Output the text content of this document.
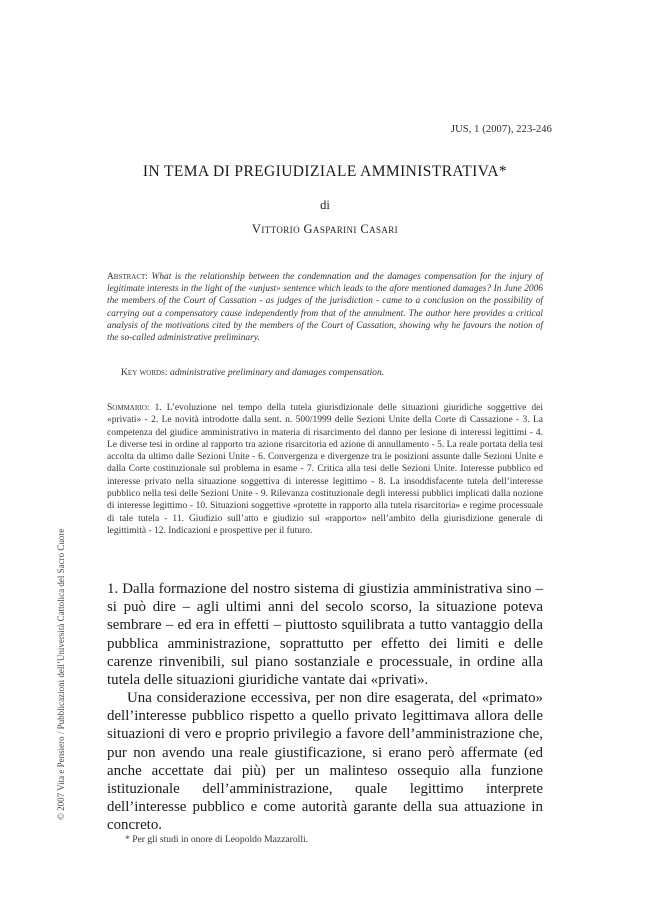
JUS, 1 (2007), 223-246
IN TEMA DI PREGIUDIZIALE AMMINISTRATIVA*
di
Vittorio Gasparini Casari
Abstract: What is the relationship between the condemnation and the damages compensation for the injury of legitimate interests in the light of the «unjust» sentence which leads to the afore mentioned damages? In June 2006 the members of the Court of Cassation - as judges of the jurisdiction - came to a conclusion on the possibility of carrying out a compensatory cause independently from that of the annulment. The author here provides a critical analysis of the motivations cited by the members of the Court of Cassation, showing why he favours the notion of the so-called administrative preliminary.
Key words: administrative preliminary and damages compensation.
Sommario: 1. L’evoluzione nel tempo della tutela giurisdizionale delle situazioni giuridiche soggettive dei «privati» - 2. Le novità introdotte dalla sent. n. 500/1999 delle Sezioni Unite della Corte di Cassazione - 3. La competenza del giudice amministrativo in materia di risarcimento del danno per lesione di interessi legittimi - 4. Le diverse tesi in ordine al rapporto tra azione risarcitoria ed azione di annullamento - 5. La reale portata della tesi accolta da ultimo dalle Sezioni Unite - 6. Convergenza e divergenze tra le posizioni assunte dalle Sezioni Unite e dalla Corte costituzionale sul problema in esame - 7. Critica alla tesi delle Sezioni Unite. Interesse pubblico ed interesse privato nella situazione soggettiva di interesse legittimo - 8. La insoddisfacente tutela dell’interesse pubblico nella tesi delle Sezioni Unite - 9. Rilevanza costituzionale degli interessi pubblici implicati dalla nozione di interesse legittimo - 10. Situazioni soggettive «protette in rapporto alla tutela risarcitoria» e regime processuale di tale tutela - 11. Giudizio sull’atto e giudizio sul «rapporto» nell’ambito della giurisdizione generale di legittimità - 12. Indicazioni e prospettive per il futuro.
1. Dalla formazione del nostro sistema di giustizia amministrativa sino – si può dire – agli ultimi anni del secolo scorso, la situazione poteva sembrare – ed era in effetti – piuttosto squilibrata a tutto vantaggio della pubblica amministrazione, soprattutto per effetto dei limiti e delle carenze rinvenibili, sul piano sostanziale e processuale, in ordine alla tutela delle situazioni giuridiche vantate dai «privati».
Una considerazione eccessiva, per non dire esagerata, del «primato» dell’interesse pubblico rispetto a quello privato legittimava allora delle situazioni di vero e proprio privilegio a favore dell’amministrazione che, pur non avendo una reale giustificazione, si erano però affermate (ed anche accettate dai più) per un malinteso ossequio alla funzione istituzionale dell’amministrazione, quale legittimo interprete dell’interesse pubblico e come autorità garante della sua attuazione in concreto.
* Per gli studi in onore di Leopoldo Mazzarolli.
© 2007 Vita e Pensiero / Pubblicazioni dell’Università Cattolica del Sacro Cuore
